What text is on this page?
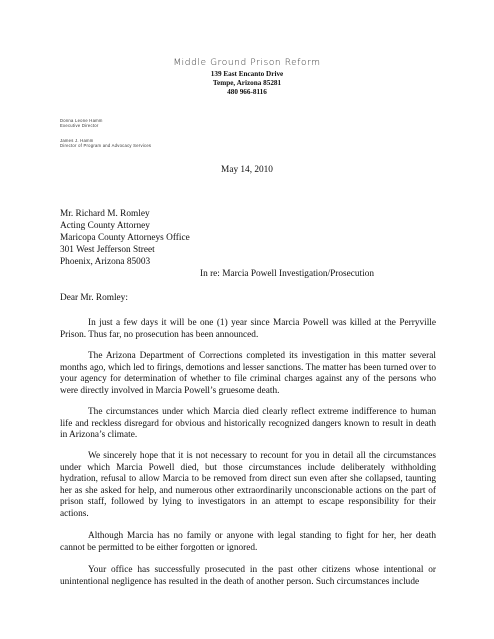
Middle Ground Prison Reform
139 East Encanto Drive
Tempe, Arizona 85281
480 966-8116
Donna Leone Hamm
Executive Director
James J. Hamm
Director of Program and Advocacy Services
May 14, 2010
Mr. Richard M. Romley
Acting County Attorney
Maricopa County Attorneys Office
301 West Jefferson Street
Phoenix, Arizona 85003
In re: Marcia Powell Investigation/Prosecution
Dear Mr. Romley:

In just a few days it will be one (1) year since Marcia Powell was killed at the Perryville Prison. Thus far, no prosecution has been announced.

The Arizona Department of Corrections completed its investigation in this matter several months ago, which led to firings, demotions and lesser sanctions. The matter has been turned over to your agency for determination of whether to file criminal charges against any of the persons who were directly involved in Marcia Powell’s gruesome death.

The circumstances under which Marcia died clearly reflect extreme indifference to human life and reckless disregard for obvious and historically recognized dangers known to result in death in Arizona’s climate.

We sincerely hope that it is not necessary to recount for you in detail all the circumstances under which Marcia Powell died, but those circumstances include deliberately withholding hydration, refusal to allow Marcia to be removed from direct sun even after she collapsed, taunting her as she asked for help, and numerous other extraordinarily unconscionable actions on the part of prison staff, followed by lying to investigators in an attempt to escape responsibility for their actions.

Although Marcia has no family or anyone with legal standing to fight for her, her death cannot be permitted to be either forgotten or ignored.

Your office has successfully prosecuted in the past other citizens whose intentional or unintentional negligence has resulted in the death of another person. Such circumstances include
